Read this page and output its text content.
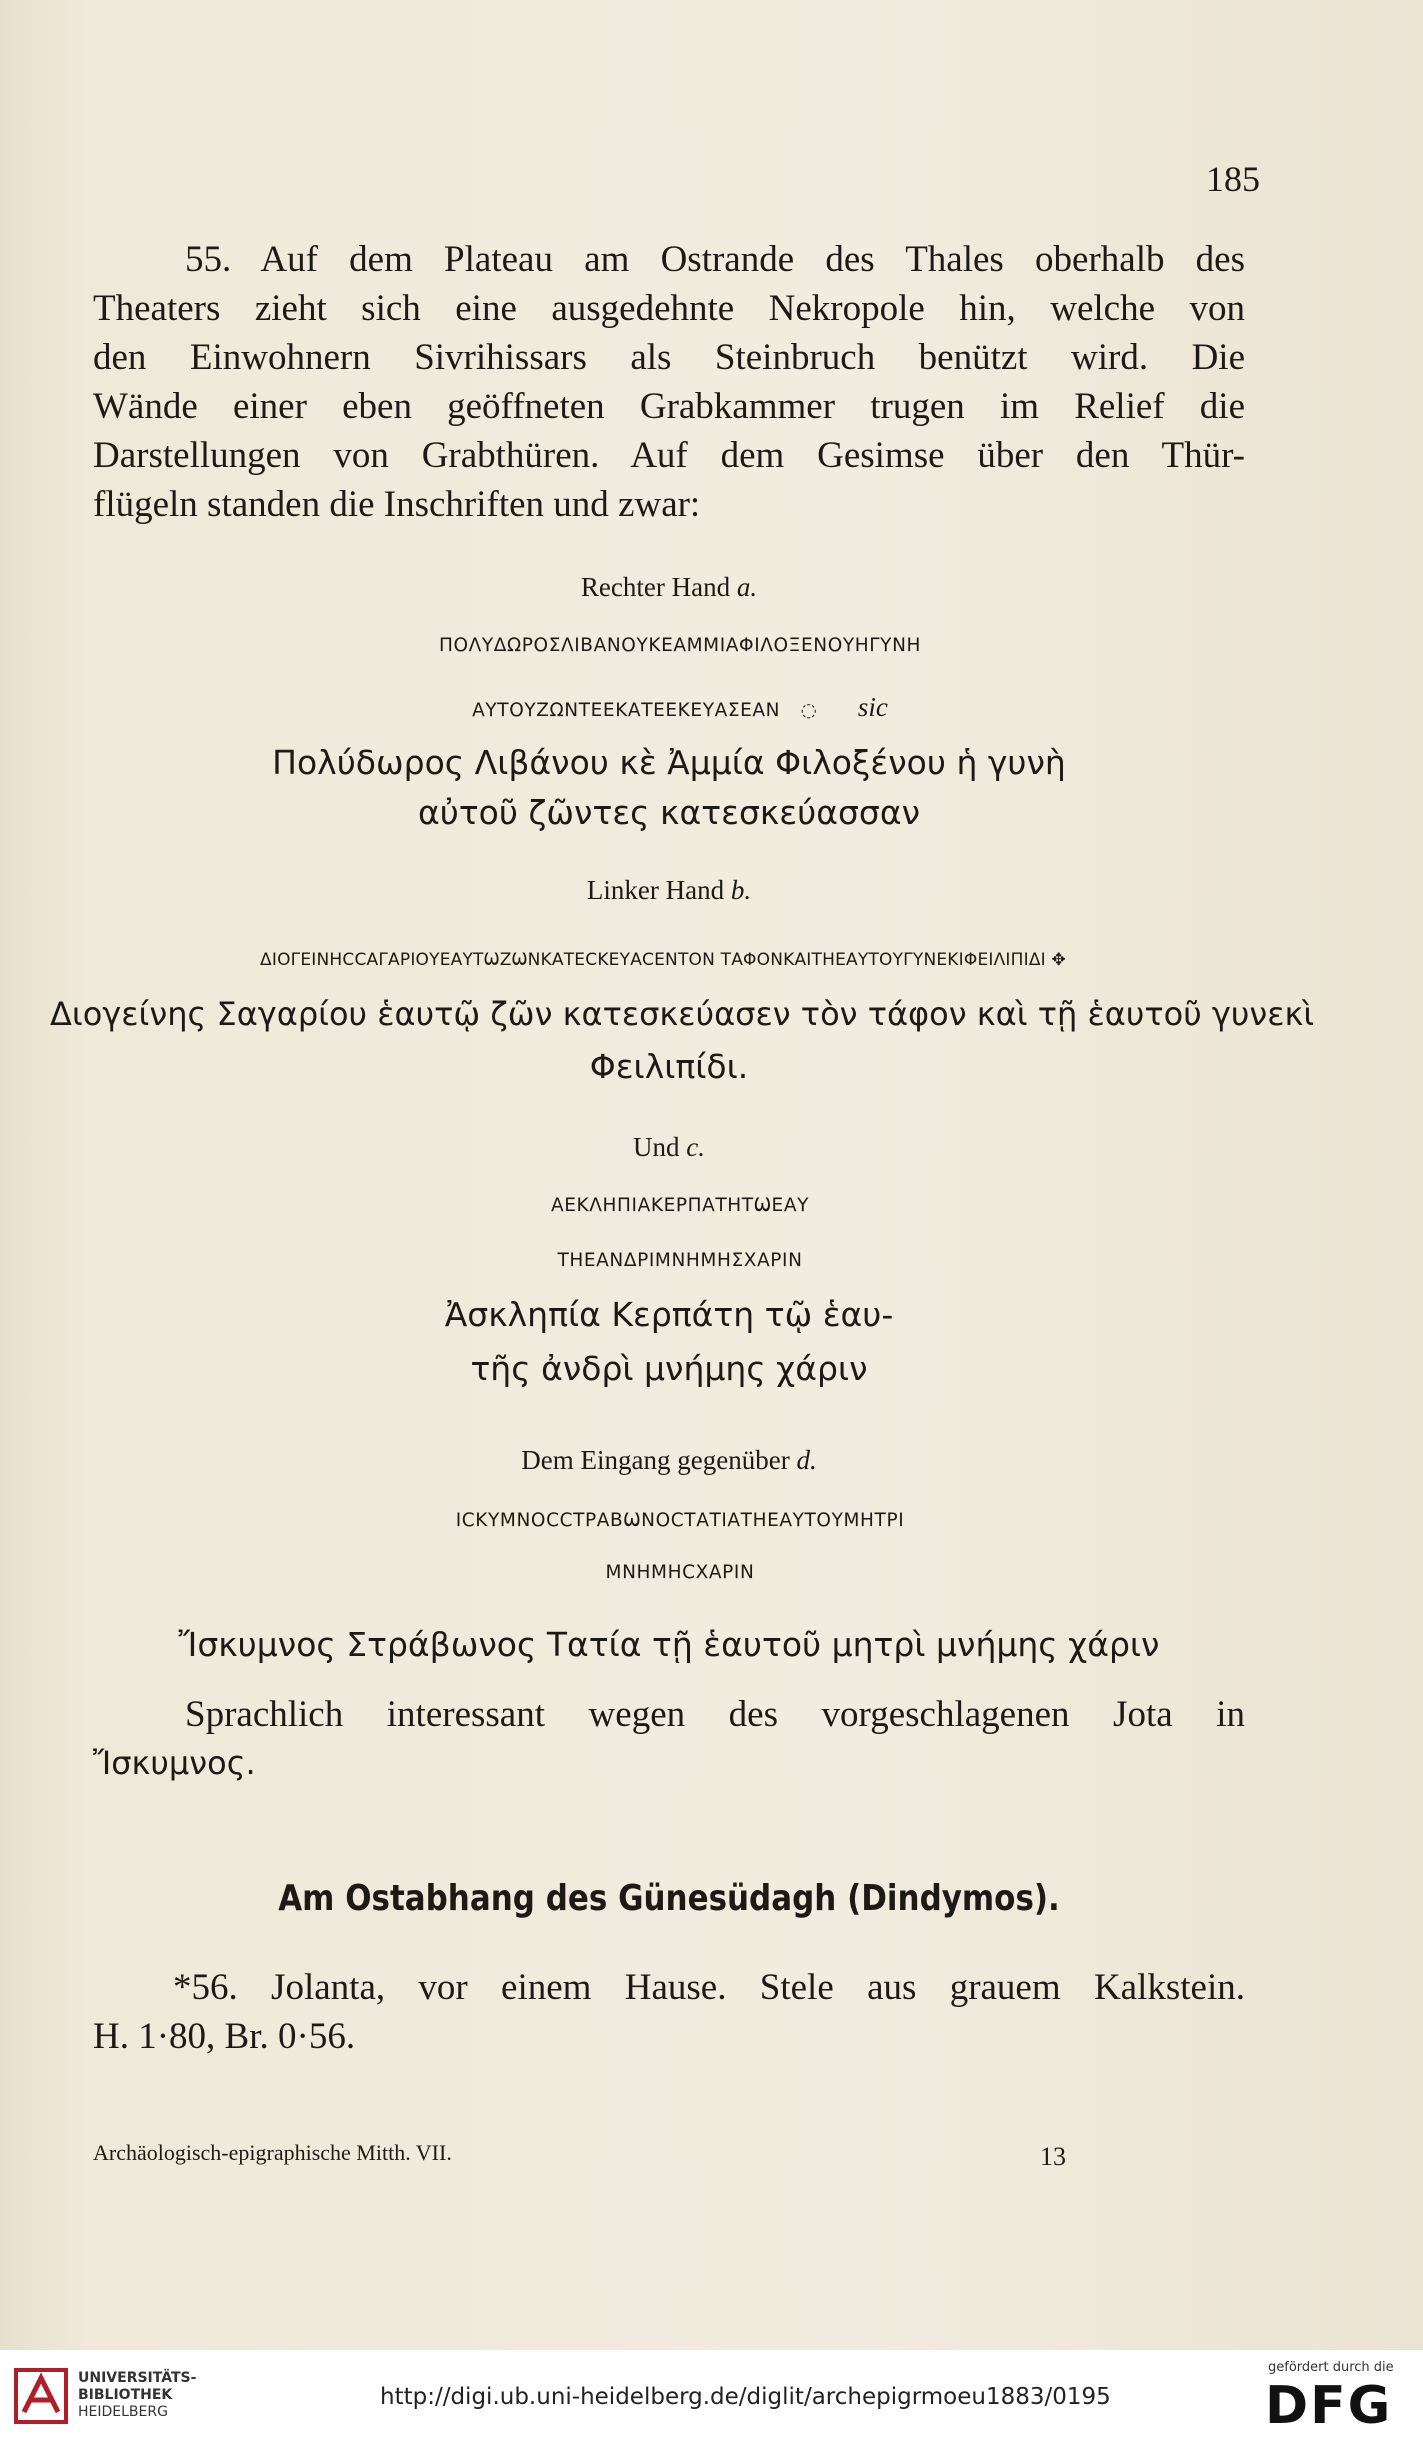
185
55. Auf dem Plateau am Ostrande des Thales oberhalb des
Theaters zieht sich eine ausgedehnte Nekropole hin, welche von
den Einwohnern Sivrihissars als Steinbruch benützt wird. Die
Wände einer eben geöffneten Grabkammer trugen im Relief die
Darstellungen von Grabthüren. Auf dem Gesimse über den Thür-
flügeln standen die Inschriften und zwar:
Rechter Hand a.
ΠΟΛΥΔΩΡΟΣΛΙΒΑΝΟΥΚΕΑΜΜΙΑΦΙΛΟΞΕΝΟΥΗΓΥΝΗ
ΑΥΤΟΥΖΩΝΤΕΕΚΑΤΕΕΚΕΥΑΣΕΑΝ ◌ sic
Πολύδωρος Λιβάνου κὲ Ἀμμία Φιλοξένου ἡ γυνὴ
αὐτοῦ ζῶντες κατεσκεύασσαν
Linker Hand b.
ΔΙΟΓΕΙΝΗϹϹΑΓΑΡΙΟΥΕΑΥΤѠΖѠΝΚΑΤΕϹΚΕΥΑϹΕΝΤΟΝ ΤΑΦΟΝΚΑΙΤΗΕΑΥΤΟΥΓΥΝΕΚΙΦΕΙΛΙΠΙΔΙ ✥
Διογείνης Σαγαρίου ἑαυτῷ ζῶν κατεσκεύασεν τὸν τάφον καὶ τῇ ἑαυτοῦ γυνεκὶ
Φειλιπίδι.
Und c.
ΑΕΚΛΗΠΙΑΚΕΡΠΑΤΗΤѠΕΑΥ
ΤΗΕΑΝΔΡΙΜΝΗΜΗΣΧΑΡΙΝ
Ἀσκληπία Κερπάτη τῷ ἑαυ-
τῆς ἀνδρὶ μνήμης χάριν
Dem Eingang gegenüber d.
ΙϹΚΥΜΝΟϹϹΤΡΑΒѠΝΟϹΤΑΤΙΑΤΗΕΑΥΤΟΥΜΗΤΡΙ
ΜΝΗΜΗϹΧΑΡΙΝ
Ἴσκυμνος Στράβωνος Τατία τῇ ἑαυτοῦ μητρὶ μνήμης χάριν
Sprachlich interessant wegen des vorgeschlagenen Jota in
Ἴσκυμνος.
Am Ostabhang des Günesüdagh (Dindymos).
*56. Jolanta, vor einem Hause. Stele aus grauem Kalkstein.
H. 1·80, Br. 0·56.
Archäologisch-epigraphische Mitth. VII.	13
UNIVERSITÄTS-
BIBLIOTHEK
HEIDELBERG
http://digi.ub.uni-heidelberg.de/diglit/archepigrmoeu1883/0195
gefördert durch die
DFG
